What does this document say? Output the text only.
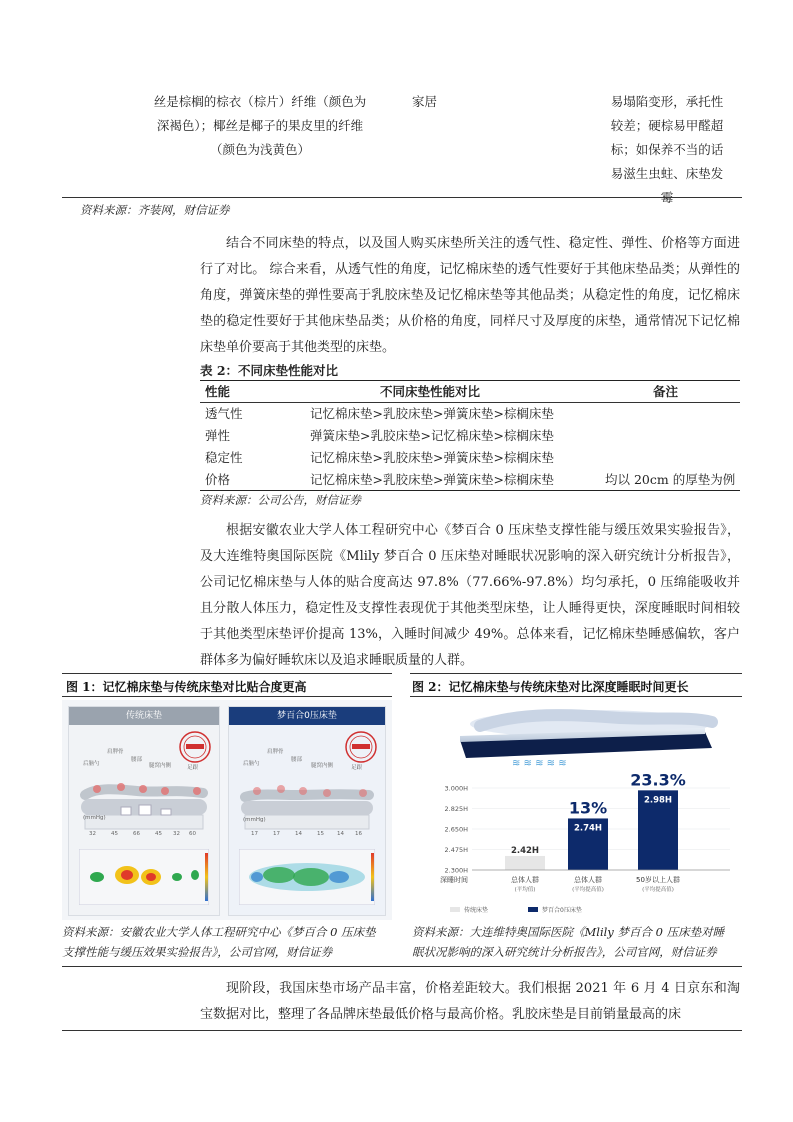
丝是棕榈的棕衣（棕片）纤维（颜色为
深褐色）；椰丝是椰子的果皮里的纤维
（颜色为浅黄色）
家居	易塌陷变形，承托性
较差；硬棕易甲醛超
标；如保养不当的话
易滋生虫蛀、床垫发
霉
资料来源：齐装网，财信证券
结合不同床垫的特点，以及国人购买床垫所关注的透气性、稳定性、弹性、价格等方面进行了对比。 综合来看，从透气性的角度，记忆棉床垫的透气性要好于其他床垫品类；从弹性的角度，弹簧床垫的弹性要高于乳胶床垫及记忆棉床垫等其他品类；从稳定性的角度，记忆棉床垫的稳定性要好于其他床垫品类；从价格的角度，同样尺寸及厚度的床垫，通常情况下记忆棉床垫单价要高于其他类型的床垫。
表 2：不同床垫性能对比
性能	不同床垫性能对比	备注
透气性	记忆棉床垫>乳胶床垫>弹簧床垫>棕榈床垫
弹性	弹簧床垫>乳胶床垫>记忆棉床垫>棕榈床垫
稳定性	记忆棉床垫>乳胶床垫>弹簧床垫>棕榈床垫
价格	记忆棉床垫>乳胶床垫>弹簧床垫>棕榈床垫	均以 20cm 的厚垫为例
资料来源：公司公告，财信证券
根据安徽农业大学人体工程研究中心《梦百合 0 压床垫支撑性能与缓压效果实验报告》，及大连维特奥国际医院《Mlily 梦百合 0 压床垫对睡眠状况影响的深入研究统计分析报告》，公司记忆棉床垫与人体的贴合度高达 97.8%（77.66%-97.8%）均匀承托，0 压绵能吸收并且分散人体压力，稳定性及支撑性表现优于其他类型床垫，让人睡得更快，深度睡眠时间相较于其他类型床垫评价提高 13%，入睡时间减少 49%。总体来看，记忆棉床垫睡感偏软，客户群体多为偏好睡软床以及追求睡眠质量的人群。
图 1：记忆棉床垫与传统床垫对比贴合度更高	图 2：记忆棉床垫与传统床垫对比深度睡眠时间更长
传统床垫
后脑勺
肩胛骨
腰部
腿窝内侧	足跟
(mmHg)
32	45	66	45 32 60
梦百合0压床垫
后脑勺
肩胛骨
腰部
腿窝内侧	足跟
(mmHg)
17	17	14	15 14 16
≋ ≋ ≋ ≋ ≋
3.000H
2.825H
2.650H
2.475H
2.300H
2.42H
总体人群
(平均值)
2.74H
13%
总体人群
(平均提高值)
2.98H
23.3%
50岁以上人群
(平均提高值)
深睡时间
传统床垫	梦百合0压床垫
资料来源：安徽农业大学人体工程研究中心《梦百合 0 压床垫
支撑性能与缓压效果实验报告》，公司官网，财信证券
资料来源：大连维特奥国际医院《Mlily 梦百合 0 压床垫对睡
眠状况影响的深入研究统计分析报告》，公司官网，财信证券
现阶段，我国床垫市场产品丰富，价格差距较大。我们根据 2021 年 6 月 4 日京东和淘宝数据对比，整理了各品牌床垫最低价格与最高价格。乳胶床垫是目前销量最高的床
